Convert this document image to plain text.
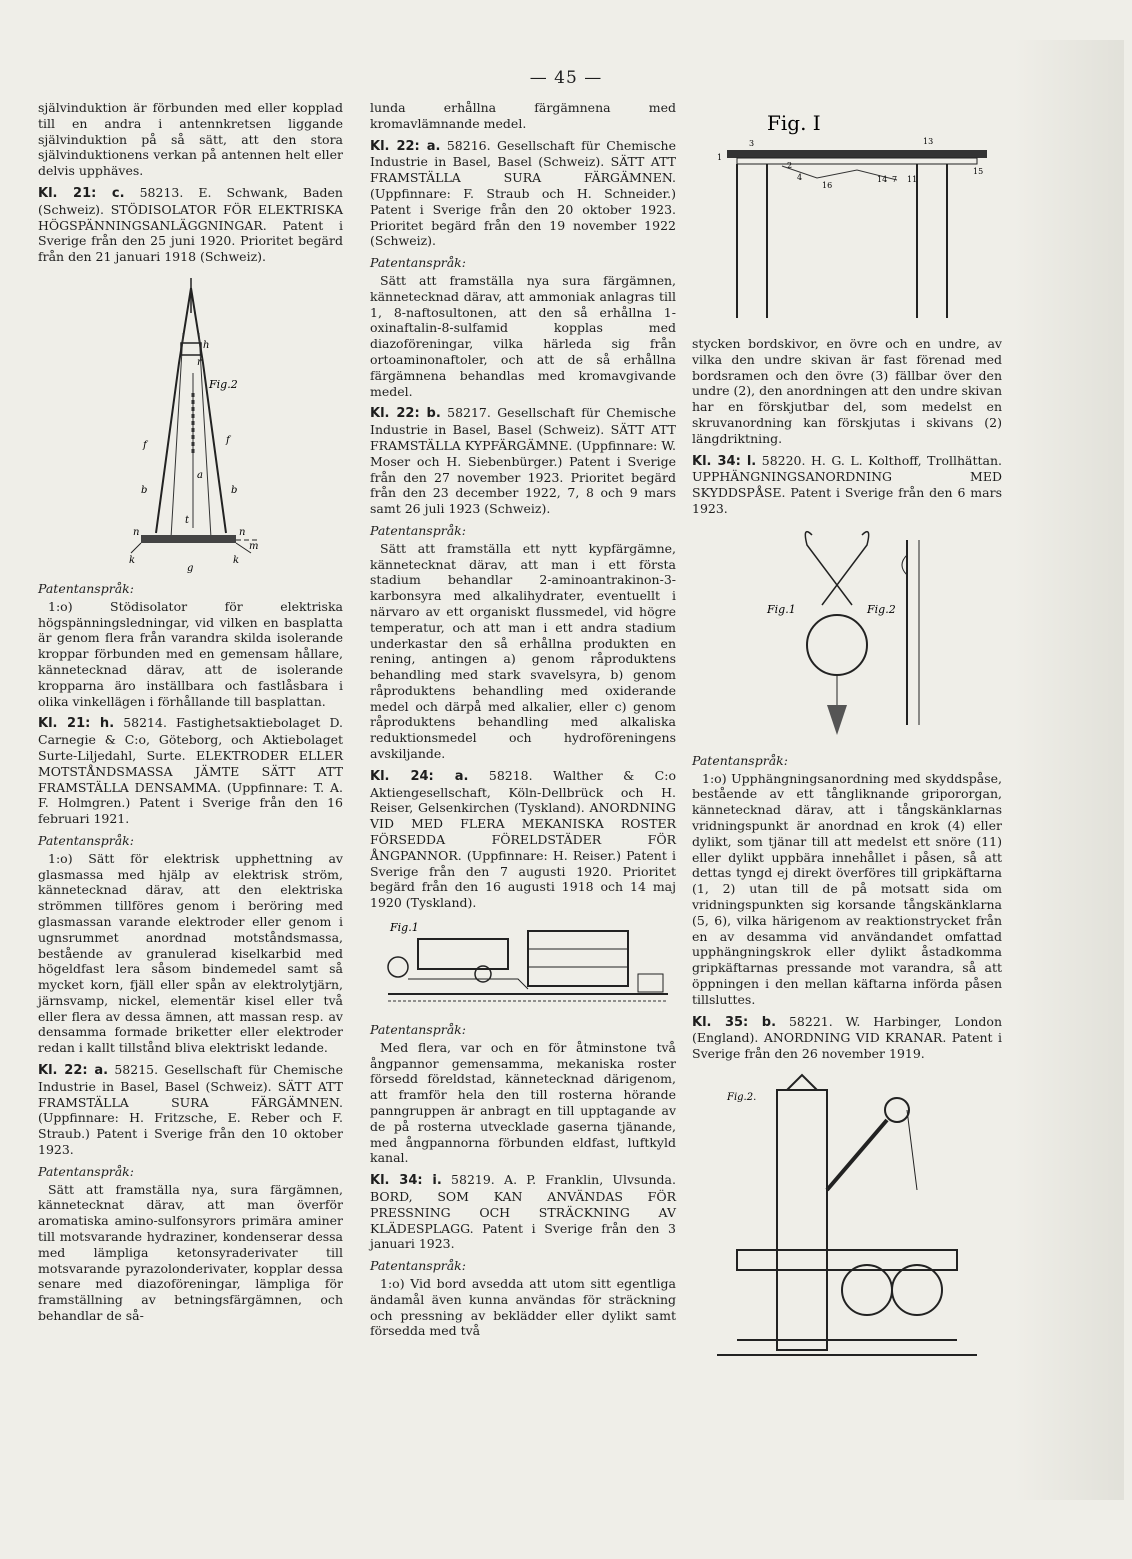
— 45 —

självinduktion är förbunden med eller kopplad till en andra i antennkretsen liggande självinduktion på så sätt, att den stora självinduktionens verkan på antennen helt eller delvis upphäves.

Kl. 21: c. 58213. E. Schwank, Baden (Schweiz). STÖDISOLATOR FÖR ELEKTRISKA HÖGSPÄNNINGSANLÄGGNINGAR. Patent i Sverige från den 25 juni 1920. Prioritet begärd från den 21 januari 1918 (Schweiz).

h
r
f	f
a
b	b
n
t
n
k	k
m
g
Fig.2
Patentanspråk:

1:o) Stödisolator för elektriska högspänningsledningar, vid vilken en basplatta är genom flera från varandra skilda isolerande kroppar förbunden med en gemensam hållare, kännetecknad därav, att de isolerande kropparna äro inställbara och fastlåsbara i olika vinkellägen i förhållande till basplattan.

Kl. 21: h. 58214. Fastighetsaktiebolaget D. Carnegie & C:o, Göteborg, och Aktiebolaget Surte-Liljedahl, Surte. ELEKTRODER ELLER MOTSTÅNDSMASSA JÄMTE SÄTT ATT FRAMSTÄLLA DENSAMMA. (Uppfinnare: T. A. F. Holmgren.) Patent i Sverige från den 16 februari 1921.

Patentanspråk:

1:o) Sätt för elektrisk upphettning av glasmassa med hjälp av elektrisk ström, kännetecknad därav, att den elektriska strömmen tillföres genom i beröring med glasmassan varande elektroder eller genom i ugnsrummet anordnad motståndsmassa, bestående av granulerad kiselkarbid med högeldfast lera såsom bindemedel samt så mycket korn, fjäll eller spån av elektrolytjärn, järnsvamp, nickel, elementär kisel eller två eller flera av dessa ämnen, att massan resp. av densamma formade briketter eller elektroder redan i kallt tillstånd bliva elektriskt ledande.

Kl. 22: a. 58215. Gesellschaft für Chemische Industrie in Basel, Basel (Schweiz). SÄTT ATT FRAMSTÄLLA SURA FÄRGÄMNEN. (Uppfinnare: H. Fritzsche, E. Reber och F. Straub.) Patent i Sverige från den 10 oktober 1923.

Patentanspråk:

Sätt att framställa nya, sura färgämnen, kännetecknat därav, att man överför aromatiska amino-sulfonsyrors primära aminer till motsvarande hydraziner, kondenserar dessa med lämpliga ketonsyraderivater till motsvarande pyrazolonderivater, kopplar dessa senare med diazoföreningar, lämpliga för framställning av betningsfärgämnen, och behandlar de så-

lunda erhållna färgämnena med kromavlämnande medel.

Kl. 22: a. 58216. Gesellschaft für Chemische Industrie in Basel, Basel (Schweiz). SÄTT ATT FRAMSTÄLLA SURA FÄRGÄMNEN. (Uppfinnare: F. Straub och H. Schneider.) Patent i Sverige från den 20 oktober 1923. Prioritet begärd från den 19 november 1922 (Schweiz).

Patentanspråk:

Sätt att framställa nya sura färgämnen, kännetecknad därav, att ammoniak anlagras till 1, 8-naftosultonen, att den så erhållna 1-oxinaftalin-8-sulfamid kopplas med diazoföreningar, vilka härleda sig från ortoaminonaftoler, och att de så erhållna färgämnena behandlas med kromavgivande medel.

Kl. 22: b. 58217. Gesellschaft für Chemische Industrie in Basel, Basel (Schweiz). SÄTT ATT FRAMSTÄLLA KYPFÄRGÄMNE. (Uppfinnare: W. Moser och H. Siebenbürger.) Patent i Sverige från den 27 november 1923. Prioritet begärd från den 23 december 1922, 7, 8 och 9 mars samt 26 juli 1923 (Schweiz).

Patentanspråk:

Sätt att framställa ett nytt kypfärgämne, kännetecknat därav, att man i ett första stadium behandlar 2-aminoantrakinon-3-karbonsyra med alkalihydrater, eventuellt i närvaro av ett organiskt flussmedel, vid högre temperatur, och att man i ett andra stadium underkastar den så erhållna produkten en rening, antingen a) genom råproduktens behandling med stark svavelsyra, b) genom råproduktens behandling med oxiderande medel och därpå med alkalier, eller c) genom råproduktens behandling med alkaliska reduktionsmedel och hydroföreningens avskiljande.

Kl. 24: a. 58218. Walther & C:o Aktiengesellschaft, Köln-Dellbrück och H. Reiser, Gelsenkirchen (Tyskland). ANORDNING VID MED FLERA MEKANISKA ROSTER FÖRSEDDA FÖRELDSTÄDER FÖR ÅNGPANNOR. (Uppfinnare: H. Reiser.) Patent i Sverige från den 7 augusti 1920. Prioritet begärd från den 16 augusti 1918 och 14 maj 1920 (Tyskland).

Fig.1
Patentanspråk:

Med flera, var och en för åtminstone två ångpannor gemensamma, mekaniska roster försedd föreldstad, kännetecknad därigenom, att framför hela den till rosterna hörande panngruppen är anbragt en till upptagande av de på rosterna utvecklade gaserna tjänande, med ångpannorna förbunden eldfast, luftkyld kanal.

Kl. 34: i. 58219. A. P. Franklin, Ulvsunda. BORD, SOM KAN ANVÄNDAS FÖR PRESSNING OCH STRÄCKNING AV KLÄDESPLAGG. Patent i Sverige från den 3 januari 1923.

Patentanspråk:

1:o) Vid bord avsedda att utom sitt egentliga ändamål även kunna användas för sträckning och pressning av beklädder eller dylikt samt försedda med två

Fig. I
3	13
1
2
15
4
16
14 7 11

stycken bordskivor, en övre och en undre, av vilka den undre skivan är fast förenad med bordsramen och den övre (3) fällbar över den undre (2), den anordningen att den undre skivan har en förskjutbar del, som medelst en skruvanordning kan förskjutas i skivans (2) längdriktning.

Kl. 34: l. 58220. H. G. L. Kolthoff, Trollhättan. UPPHÄNGNINGSANORDNING MED SKYDDSPÅSE. Patent i Sverige från den 6 mars 1923.

Fig.1	Fig.2
Patentanspråk:

1:o) Upphängningsanordning med skyddspåse, bestående av ett tångliknande gripororgan, kännetecknad därav, att i tångskänklarnas vridningspunkt är anordnad en krok (4) eller dylikt, som tjänar till att medelst ett snöre (11) eller dylikt uppbära innehållet i påsen, så att dettas tyngd ej direkt överföres till gripkäftarna (1, 2) utan till de på motsatt sida om vridningspunkten sig korsande tångskänklarna (5, 6), vilka härigenom av reaktionstrycket från en av desamma vid användandet omfattad upphängningskrok eller dylikt åstadkomma gripkäftarnas pressande mot varandra, så att öppningen i den mellan käftarna införda påsen tillsluttes.

Kl. 35: b. 58221. W. Harbinger, London (England). ANORDNING VID KRANAR. Patent i Sverige från den 26 november 1919.

Fig.2.
